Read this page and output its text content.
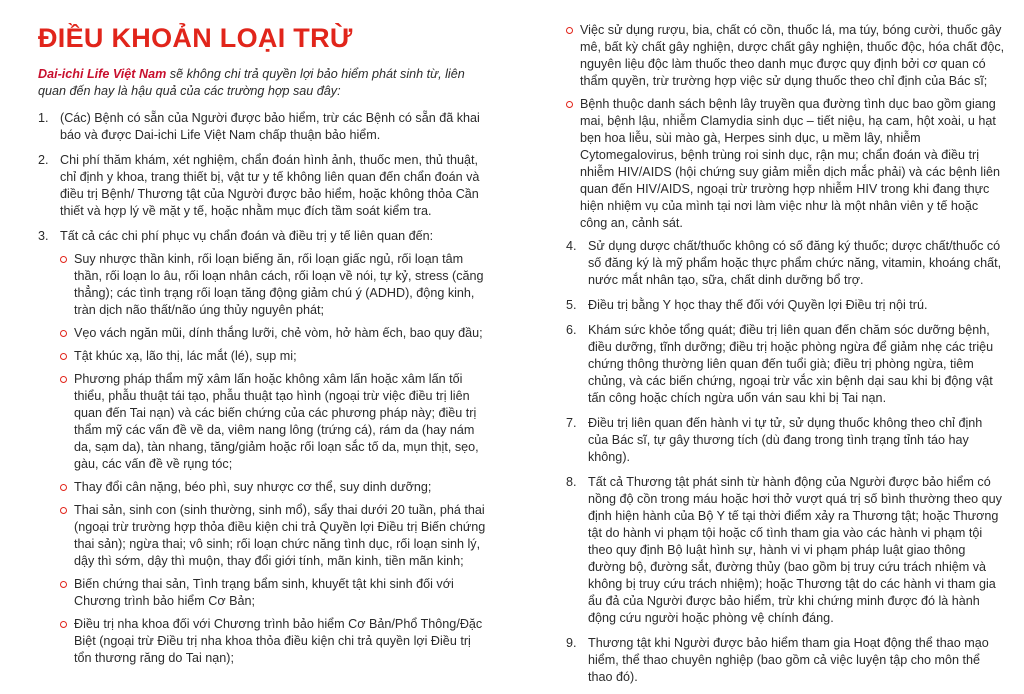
ĐIỀU KHOẢN LOẠI TRỪ

Dai-ichi Life Việt Nam sẽ không chi trả quyền lợi bảo hiểm phát sinh từ, liên quan đến hay là hậu quả của các trường hợp sau đây:

1. (Các) Bệnh có sẵn của Người được bảo hiểm, trừ các Bệnh có sẵn đã khai báo và được Dai-ichi Life Việt Nam chấp thuận bảo hiểm.
2. Chi phí thăm khám, xét nghiệm, chẩn đoán hình ảnh, thuốc men, thủ thuật, chỉ định y khoa, trang thiết bị, vật tư y tế không liên quan đến chẩn đoán và điều trị Bệnh/ Thương tật của Người được bảo hiểm, hoặc không thỏa Cần thiết và hợp lý về mặt y tế, hoặc nhằm mục đích tầm soát kiểm tra.
3. Tất cả các chi phí phục vụ chẩn đoán và điều trị y tế liên quan đến:
Suy nhược thần kinh, rối loạn biếng ăn, rối loạn giấc ngủ, rối loạn tâm thần, rối loạn lo âu, rối loạn nhân cách, rối loạn về nói, tự kỷ, stress (căng thẳng); các tình trạng rối loạn tăng động giảm chú ý (ADHD), động kinh, tràn dịch não thất/não úng thủy nguyên phát;
Vẹo vách ngăn mũi, dính thắng lưỡi, chẻ vòm, hở hàm ếch, bao quy đầu;
Tật khúc xạ, lão thị, lác mắt (lé), sụp mi;
Phương pháp thẩm mỹ xâm lấn hoặc không xâm lấn hoặc xâm lấn tối thiểu, phẫu thuật tái tạo, phẫu thuật tạo hình (ngoại trừ việc điều trị liên quan đến Tai nạn) và các biến chứng của các phương pháp này; điều trị thẩm mỹ các vấn đề về da, viêm nang lông (trứng cá), rám da (hay nám da, sạm da), tàn nhang, tăng/giảm hoặc rối loạn sắc tố da, mụn thịt, sẹo, gàu, các vấn đề về rụng tóc;
Thay đổi cân nặng, béo phì, suy nhược cơ thể, suy dinh dưỡng;
Thai sản, sinh con (sinh thường, sinh mổ), sẩy thai dưới 20 tuần, phá thai (ngoại trừ trường hợp thỏa điều kiện chi trả Quyền lợi Điều trị Biến chứng thai sản); ngừa thai; vô sinh; rối loạn chức năng tình dục, rối loạn sinh lý, dậy thì sớm, dậy thì muộn, thay đổi giới tính, mãn kinh, tiền mãn kinh;
Biến chứng thai sản, Tình trạng bẩm sinh, khuyết tật khi sinh đối với Chương trình bảo hiểm Cơ Bản;
Điều trị nha khoa đối với Chương trình bảo hiểm Cơ Bản/Phổ Thông/Đặc Biệt (ngoại trừ Điều trị nha khoa thỏa điều kiện chi trả quyền lợi Điều trị tổn thương răng do Tai nạn);
Việc sử dụng rượu, bia, chất có cồn, thuốc lá, ma túy, bóng cười, thuốc gây mê, bất kỳ chất gây nghiện, dược chất gây nghiện, thuốc độc, hóa chất độc, nguyên liệu độc làm thuốc theo danh mục được quy định bởi cơ quan có thẩm quyền, trừ trường hợp việc sử dụng thuốc theo chỉ định của Bác sĩ;
Bệnh thuộc danh sách bệnh lây truyền qua đường tình dục bao gồm giang mai, bệnh lậu, nhiễm Clamydia sinh dục – tiết niệu, hạ cam, hột xoài, u hạt bẹn hoa liễu, sùi mào gà, Herpes sinh dục, u mềm lây, nhiễm Cytomegalovirus, bệnh trùng roi sinh dục, rận mu; chẩn đoán và điều trị nhiễm HIV/AIDS (hội chứng suy giảm miễn dịch mắc phải) và các bệnh liên quan đến HIV/AIDS, ngoại trừ trường hợp nhiễm HIV trong khi đang thực hiện nhiệm vụ của mình tại nơi làm việc như là một nhân viên y tế hoặc công an, cảnh sát.
4. Sử dụng dược chất/thuốc không có số đăng ký thuốc; dược chất/thuốc có số đăng ký là mỹ phẩm hoặc thực phẩm chức năng, vitamin, khoáng chất, nước mắt nhân tạo, sữa, chất dinh dưỡng bổ trợ.
5. Điều trị bằng Y học thay thế đối với Quyền lợi Điều trị nội trú.
6. Khám sức khỏe tổng quát; điều trị liên quan đến chăm sóc dưỡng bệnh, điều dưỡng, tĩnh dưỡng; điều trị hoặc phòng ngừa để giảm nhẹ các triệu chứng thông thường liên quan đến tuổi già; điều trị phòng ngừa, tiêm chủng, và các biến chứng, ngoại trừ vắc xin bệnh dại sau khi bị động vật tấn công hoặc chích ngừa uốn ván sau khi bị Tai nạn.
7. Điều trị liên quan đến hành vi tự tử, sử dụng thuốc không theo chỉ định của Bác sĩ, tự gây thương tích (dù đang trong tình trạng tỉnh táo hay không).
8. Tất cả Thương tật phát sinh từ hành động của Người được bảo hiểm có nồng độ cồn trong máu hoặc hơi thở vượt quá trị số bình thường theo quy định hiện hành của Bộ Y tế tại thời điểm xảy ra Thương tật; hoặc Thương tật do hành vi phạm tội hoặc cố tình tham gia vào các hành vi phạm tội theo quy định Bộ luật hình sự, hành vi vi phạm pháp luật giao thông đường bộ, đường sắt, đường thủy (bao gồm bị truy cứu trách nhiệm và không bị truy cứu trách nhiệm); hoặc Thương tật do các hành vi tham gia ẩu đả của Người được bảo hiểm, trừ khi chứng minh được đó là hành động cứu người hoặc phòng vệ chính đáng.
9. Thương tật khi Người được bảo hiểm tham gia Hoạt động thể thao mạo hiểm, thể thao chuyên nghiệp (bao gồm cả việc luyện tập cho môn thể thao đó).
